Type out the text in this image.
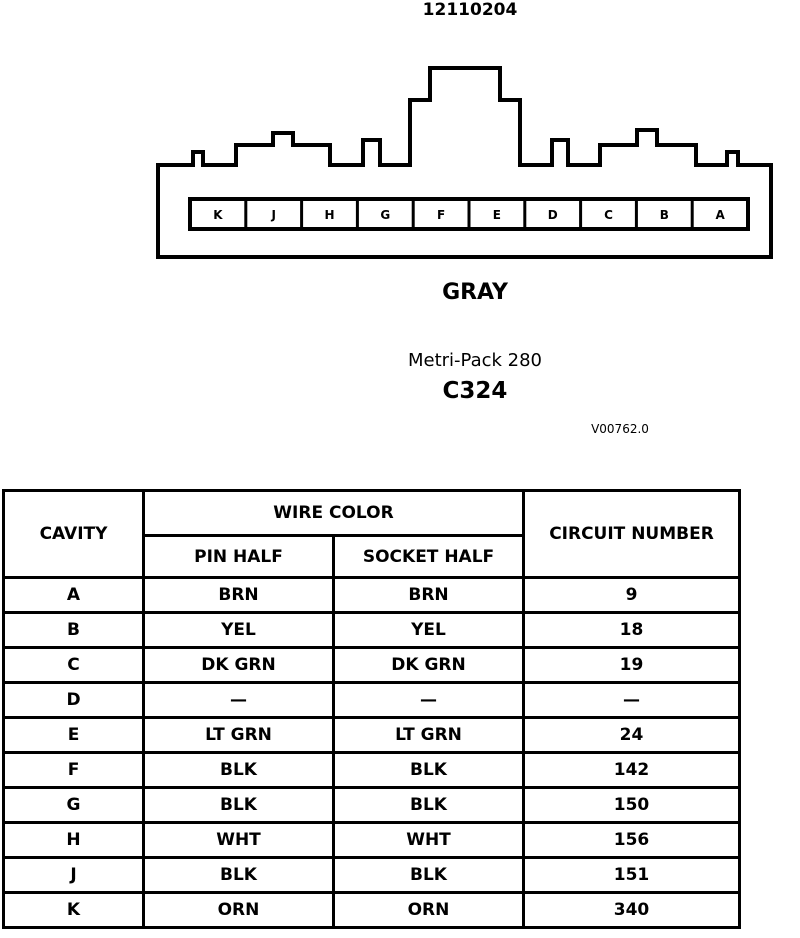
12110204
K	J	H	G	F	E	D	C	B	A
GRAY
Metri-Pack 280
C324
V00762.0
CAVITY	WIRE COLOR		CIRCUIT NUMBER
	PIN HALF	SOCKET HALF	
A	BRN	BRN	9
B	YEL	YEL	18
C	DK GRN	DK GRN	19
D	—	—	—
E	LT GRN	LT GRN	24
F	BLK	BLK	142
G	BLK	BLK	150
H	WHT	WHT	156
J	BLK	BLK	151
K	ORN	ORN	340
